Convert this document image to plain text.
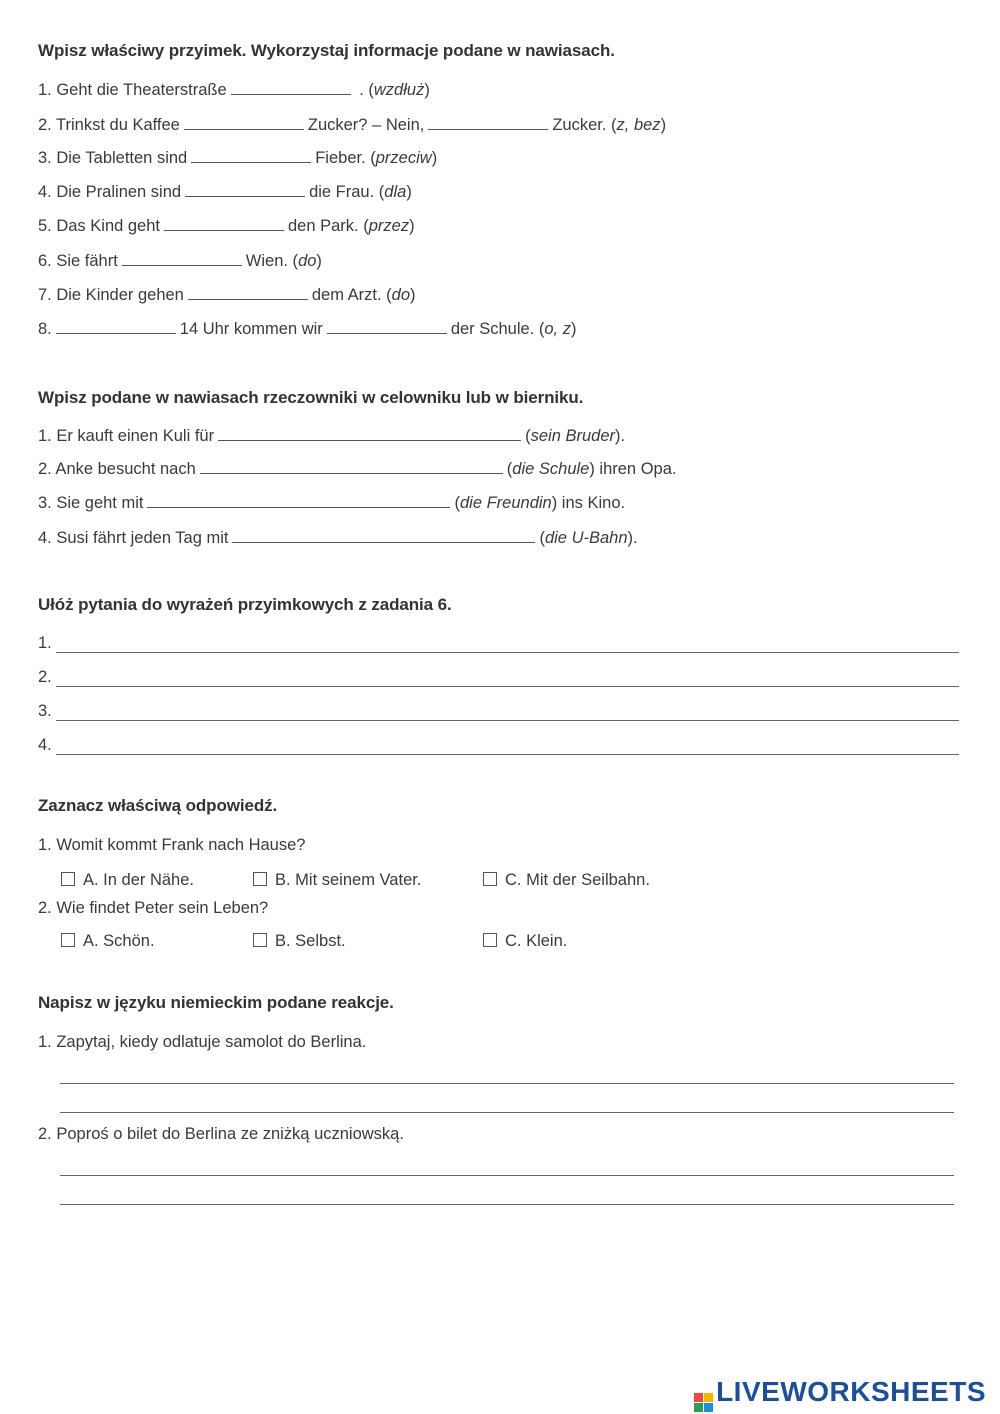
Wpisz właściwy przyimek. Wykorzystaj informacje podane w nawiasach.
1. Geht die Theaterstraße	. (wzdłuż)
2. Trinkst du Kaffee	Zucker? – Nein,	Zucker. (z, bez)
3. Die Tabletten sind	Fieber. (przeciw)
4. Die Pralinen sind	die Frau. (dla)
5. Das Kind geht	den Park. (przez)
6. Sie fährt	Wien. (do)
7. Die Kinder gehen	dem Arzt. (do)
8.	14 Uhr kommen wir	der Schule. (o, z)
Wpisz podane w nawiasach rzeczowniki w celowniku lub w bierniku.
1. Er kauft einen Kuli für	(sein Bruder).
2. Anke besucht nach	(die Schule) ihren Opa.
3. Sie geht mit	(die Freundin) ins Kino.
4. Susi fährt jeden Tag mit	(die U-Bahn).
Ułóż pytania do wyrażeń przyimkowych z zadania 6.
1.
2.
3.
4.
Zaznacz właściwą odpowiedź.
1. Womit kommt Frank nach Hause?
A. In der Nähe.	B. Mit seinem Vater.	C. Mit der Seilbahn.
2. Wie findet Peter sein Leben?
A. Schön.	B. Selbst.	C. Klein.
Napisz w języku niemieckim podane reakcje.
1. Zapytaj, kiedy odlatuje samolot do Berlina.
2. Poproś o bilet do Berlina ze zniżką uczniowską.
LIVEWORKSHEETS
